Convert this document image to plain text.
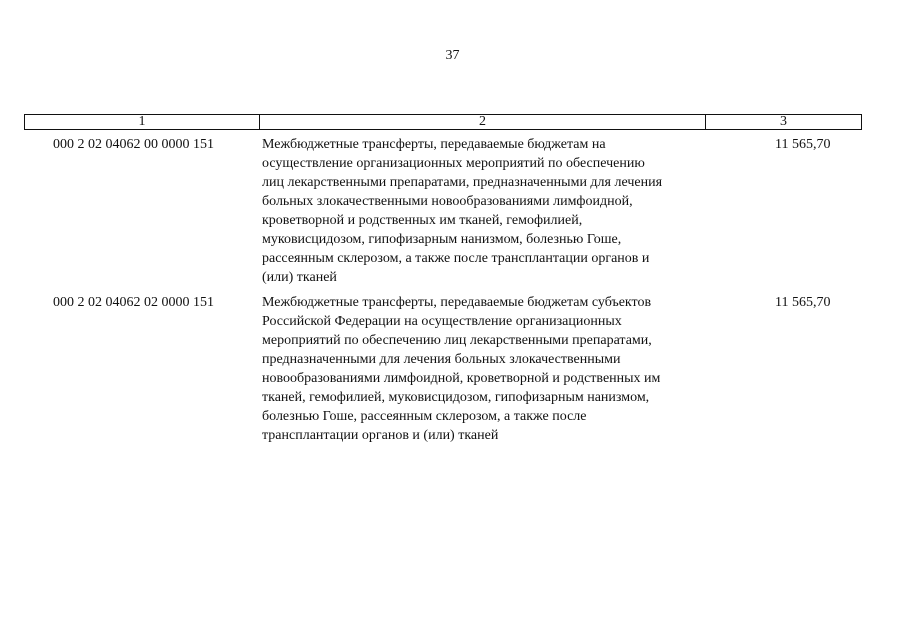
37
1	2	3
000 2 02 04062 00 0000 151	Межбюджетные трансферты, передаваемые бюджетам на
осуществление организационных мероприятий по обеспечению
лиц лекарственными препаратами, предназначенными для лечения
больных злокачественными новообразованиями лимфоидной,
кроветворной и родственных им тканей, гемофилией,
муковисцидозом, гипофизарным нанизмом, болезнью Гоше,
рассеянным склерозом, а также после трансплантации органов и
(или) тканей
11 565,70
000 2 02 04062 02 0000 151	Межбюджетные трансферты, передаваемые бюджетам субъектов
Российской Федерации на осуществление организационных
мероприятий по обеспечению лиц лекарственными препаратами,
предназначенными для лечения больных злокачественными
новообразованиями лимфоидной, кроветворной и родственных им
тканей, гемофилией, муковисцидозом, гипофизарным нанизмом,
болезнью Гоше, рассеянным склерозом, а также после
трансплантации органов и (или) тканей
11 565,70
